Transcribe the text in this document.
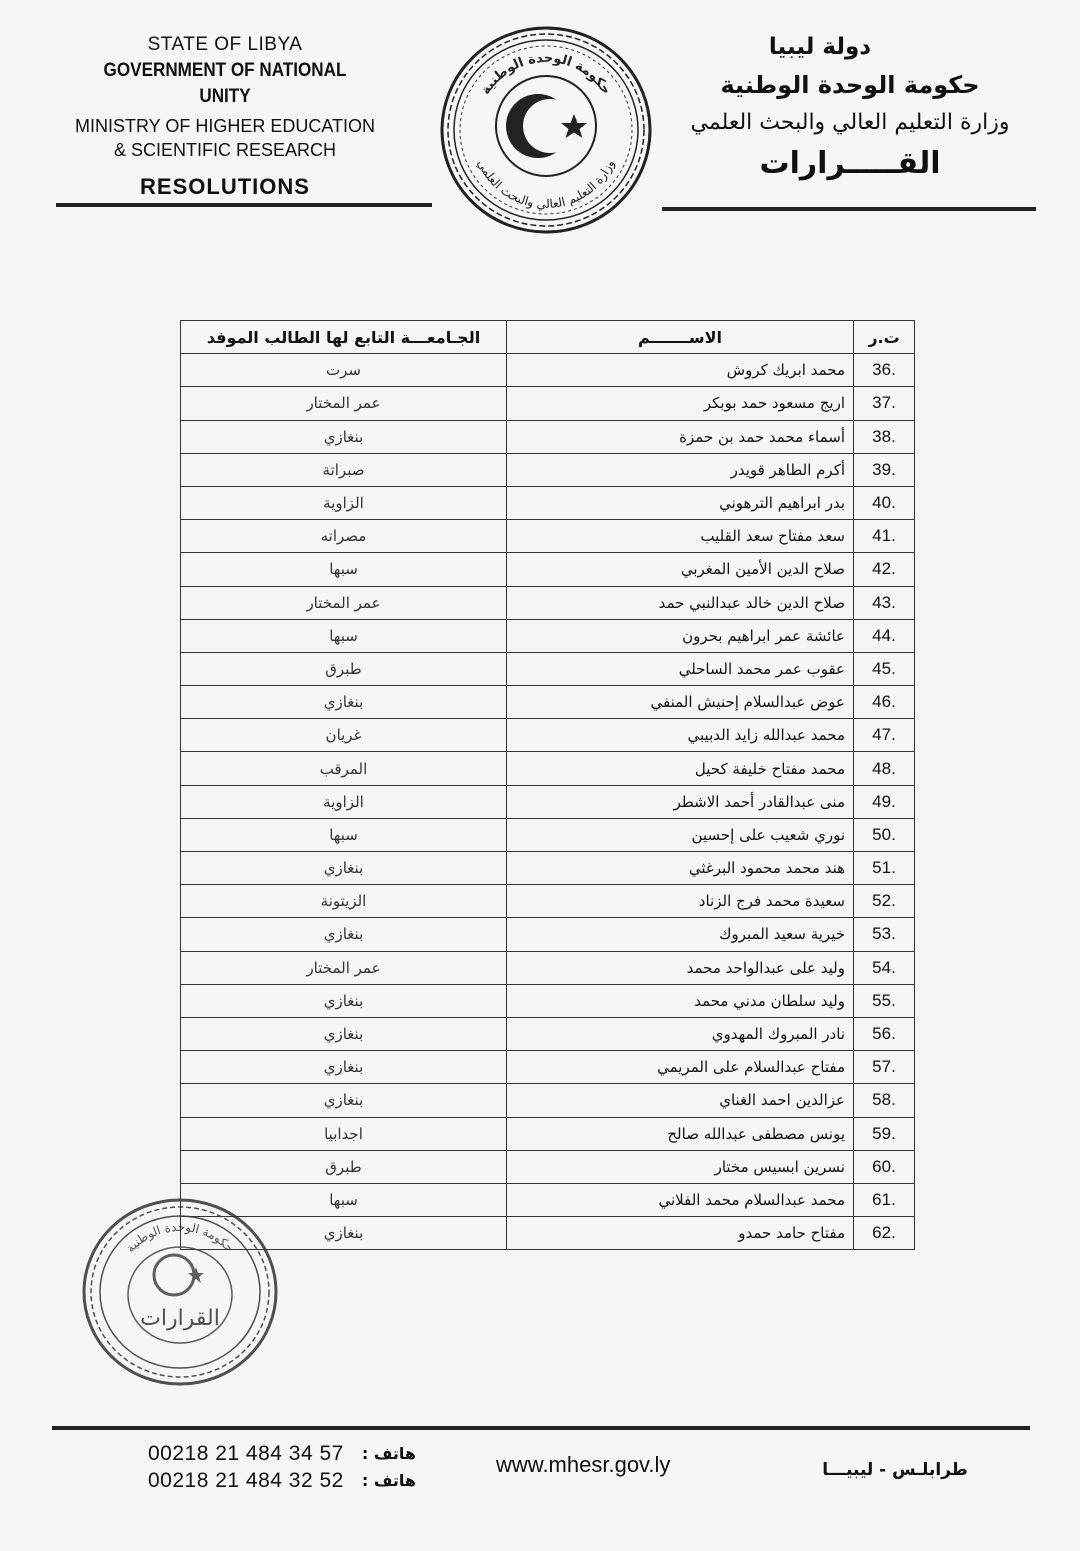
STATE OF LIBYA
GOVERNMENT OF NATIONAL UNITY
MINISTRY OF HIGHER EDUCATION
& SCIENTIFIC RESEARCH
RESOLUTIONS
حكومة الوحدة الوطنية
وزارة التعليم العالي والبحث العلمي
دولة ليبيا
حكومة الوحدة الوطنية
وزارة التعليم العالي والبحث العلمي
القـــــرارات
ت.ر	الاســـــــم	الجـامعـــة التابع لها الطالب الموفد
36.	محمد ابريك كروش	سرت
37.	اريج مسعود حمد بوبكر	عمر المختار
38.	أسماء محمد حمد بن حمزة	بنغازي
39.	أكرم الطاهر قويدر	صبراتة
40.	بدر ابراهيم الترهوني	الزاوية
41.	سعد مفتاح سعد القليب	مصراته
42.	صلاح الدين الأمين المغربي	سبها
43.	صلاح الدين خالد عبدالنبي حمد	عمر المختار
44.	عائشة عمر ابراهيم بحرون	سبها
45.	عقوب عمر محمد الساحلي	طبرق
46.	عوض عبدالسلام إحنيش المنفي	بنغازي
47.	محمد عبدالله زايد الدبيبي	غريان
48.	محمد مفتاح خليفة كحيل	المرقب
49.	منى عبدالقادر أحمد الاشطر	الزاوية
50.	نوري شعيب على إحسين	سبها
51.	هند محمد محمود البرغثي	بنغازي
52.	سعيدة محمد فرج الزناد	الزيتونة
53.	خيرية سعيد المبروك	بنغازي
54.	وليد على عبدالواحد محمد	عمر المختار
55.	وليد سلطان مدني محمد	بنغازي
56.	نادر المبروك المهدوي	بنغازي
57.	مفتاح عبدالسلام على المريمي	بنغازي
58.	عزالدين احمد الغناي	بنغازي
59.	يونس مصطفى عبدالله صالح	اجدابيا
60.	نسرين ابسيس مختار	طبرق
61.	محمد عبدالسلام محمد الفلاني	سبها
62.	مفتاح حامد حمدو	بنغازي
حكومة الوحدة الوطنية
القرارات
00218 21 484 34 57 هاتف :
00218 21 484 32 52 هاتف :
www.mhesr.gov.ly	طرابلـس - ليبيـــا
